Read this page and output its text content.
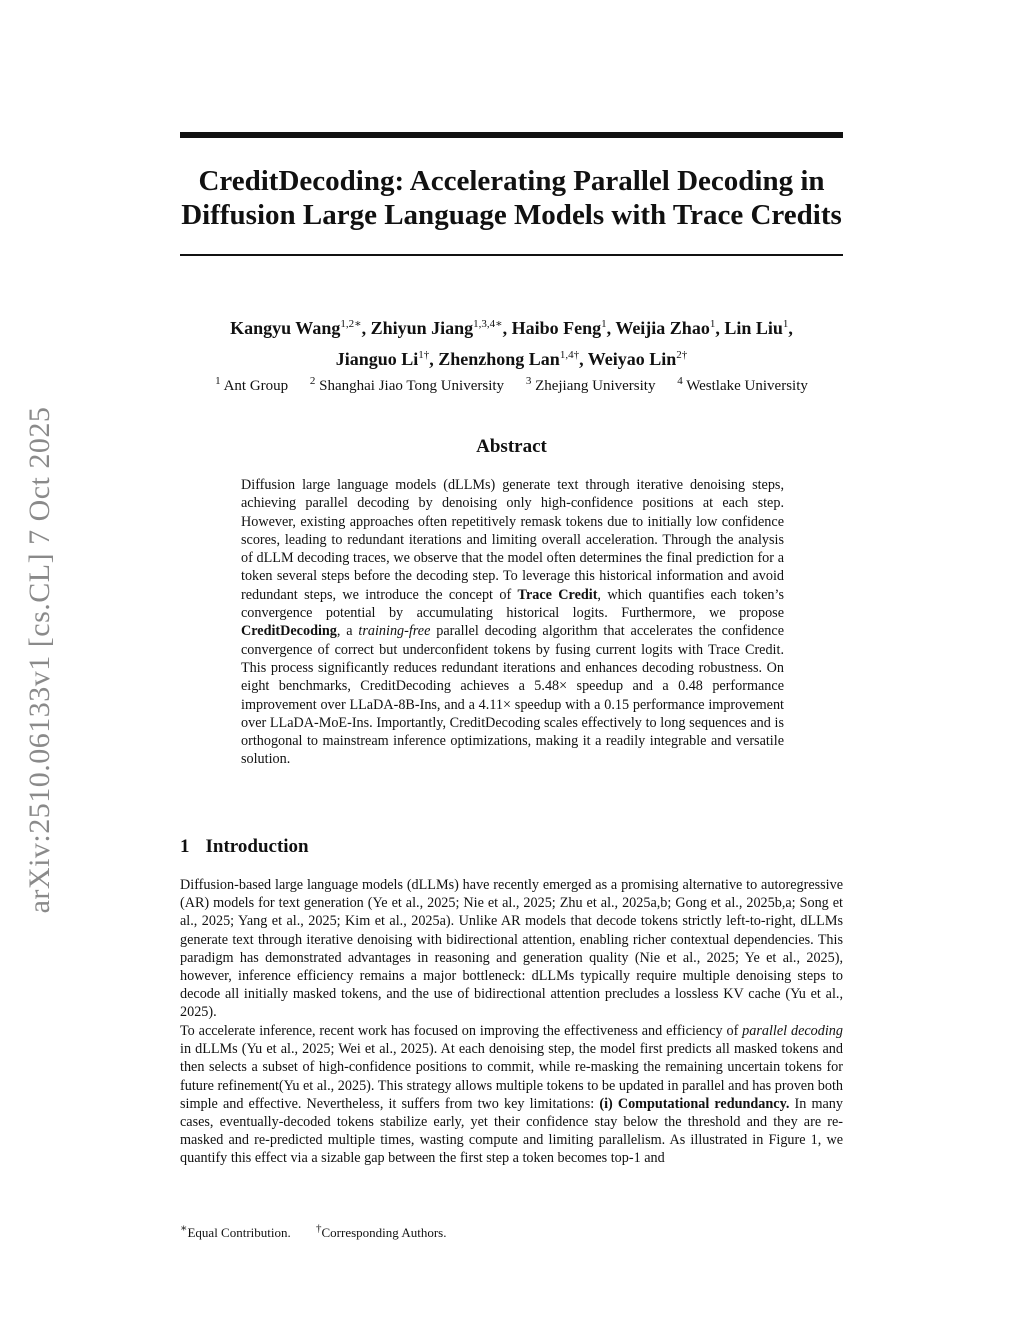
arXiv:2510.06133v1 [cs.CL] 7 Oct 2025
CreditDecoding: Accelerating Parallel Decoding in
Diffusion Large Language Models with Trace Credits
Kangyu Wang$^{1,2∗}$, Zhiyun Jiang$^{1,3,4∗}$, Haibo Feng$^1$, Weijia Zhao$^1$, Lin Liu$^1$,
Jianguo $Li^{1\dagger}$, Zhenzhong Lan$^{1,4\dagger}$, Weiyao Lin$^{2\dagger}$
$^1$ Ant Group $^2$ Shanghai Jiao Tong University $^3$ Zhejiang University $^4$ Westlake University
Abstract
Diffusion large language models (dLLMs) generate text through iterative denoising steps, achieving parallel decoding by denoising only high-confidence positions at each step. However, existing approaches often repetitively remask tokens due to initially low confidence scores, leading to redundant iterations and limiting overall acceleration. Through the analysis of dLLM decoding traces, we observe that the model often determines the final prediction for a token several steps before the decoding step. To leverage this historical information and avoid redundant steps, we introduce the concept of Trace Credit, which quantifies each token’s convergence potential by accumulating historical logits. Furthermore, we propose CreditDecoding, a training-free parallel decoding algorithm that accelerates the confidence convergence of correct but underconfident tokens by fusing current logits with Trace Credit. This process significantly reduces redundant iterations and enhances decoding robustness. On eight benchmarks, CreditDecoding achieves a 5.48× speedup and a 0.48 performance improvement over LLaDA-8B-Ins, and a 4.11× speedup with a 0.15 performance improvement over LLaDA-MoE-Ins. Importantly, CreditDecoding scales effectively to long sequences and is orthogonal to mainstream inference optimizations, making it a readily integrable and versatile solution.
1 Introduction

Diffusion-based large language models (dLLMs) have recently emerged as a promising alternative to autoregressive (AR) models for text generation (Ye et al., 2025; Nie et al., 2025; Zhu et al., 2025a,b; Gong et al., 2025b,a; Song et al., 2025; Yang et al., 2025; Kim et al., 2025a). Unlike AR models that decode tokens strictly left-to-right, dLLMs generate text through iterative denoising with bidirectional attention, enabling richer contextual dependencies. This paradigm has demonstrated advantages in reasoning and generation quality (Nie et al., 2025; Ye et al., 2025), however, inference efficiency remains a major bottleneck: dLLMs typically require multiple denoising steps to decode all initially masked tokens, and the use of bidirectional attention precludes a lossless KV cache (Yu et al., 2025).

To accelerate inference, recent work has focused on improving the effectiveness and efficiency of parallel decoding in dLLMs (Yu et al., 2025; Wei et al., 2025). At each denoising step, the model first predicts all masked tokens and then selects a subset of high-confidence positions to commit, while re-masking the remaining uncertain tokens for future refinement(Yu et al., 2025). This strategy allows multiple tokens to be updated in parallel and has proven both simple and effective. Nevertheless, it suffers from two key limitations: (i) Computational redundancy. In many cases, eventually-decoded tokens stabilize early, yet their confidence stay below the threshold and they are re-masked and re-predicted multiple times, wasting compute and limiting parallelism. As illustrated in Figure 1, we quantify this effect via a sizable gap between the first step a token becomes top-1 and

∗Equal Contribution. †Corresponding Authors.
